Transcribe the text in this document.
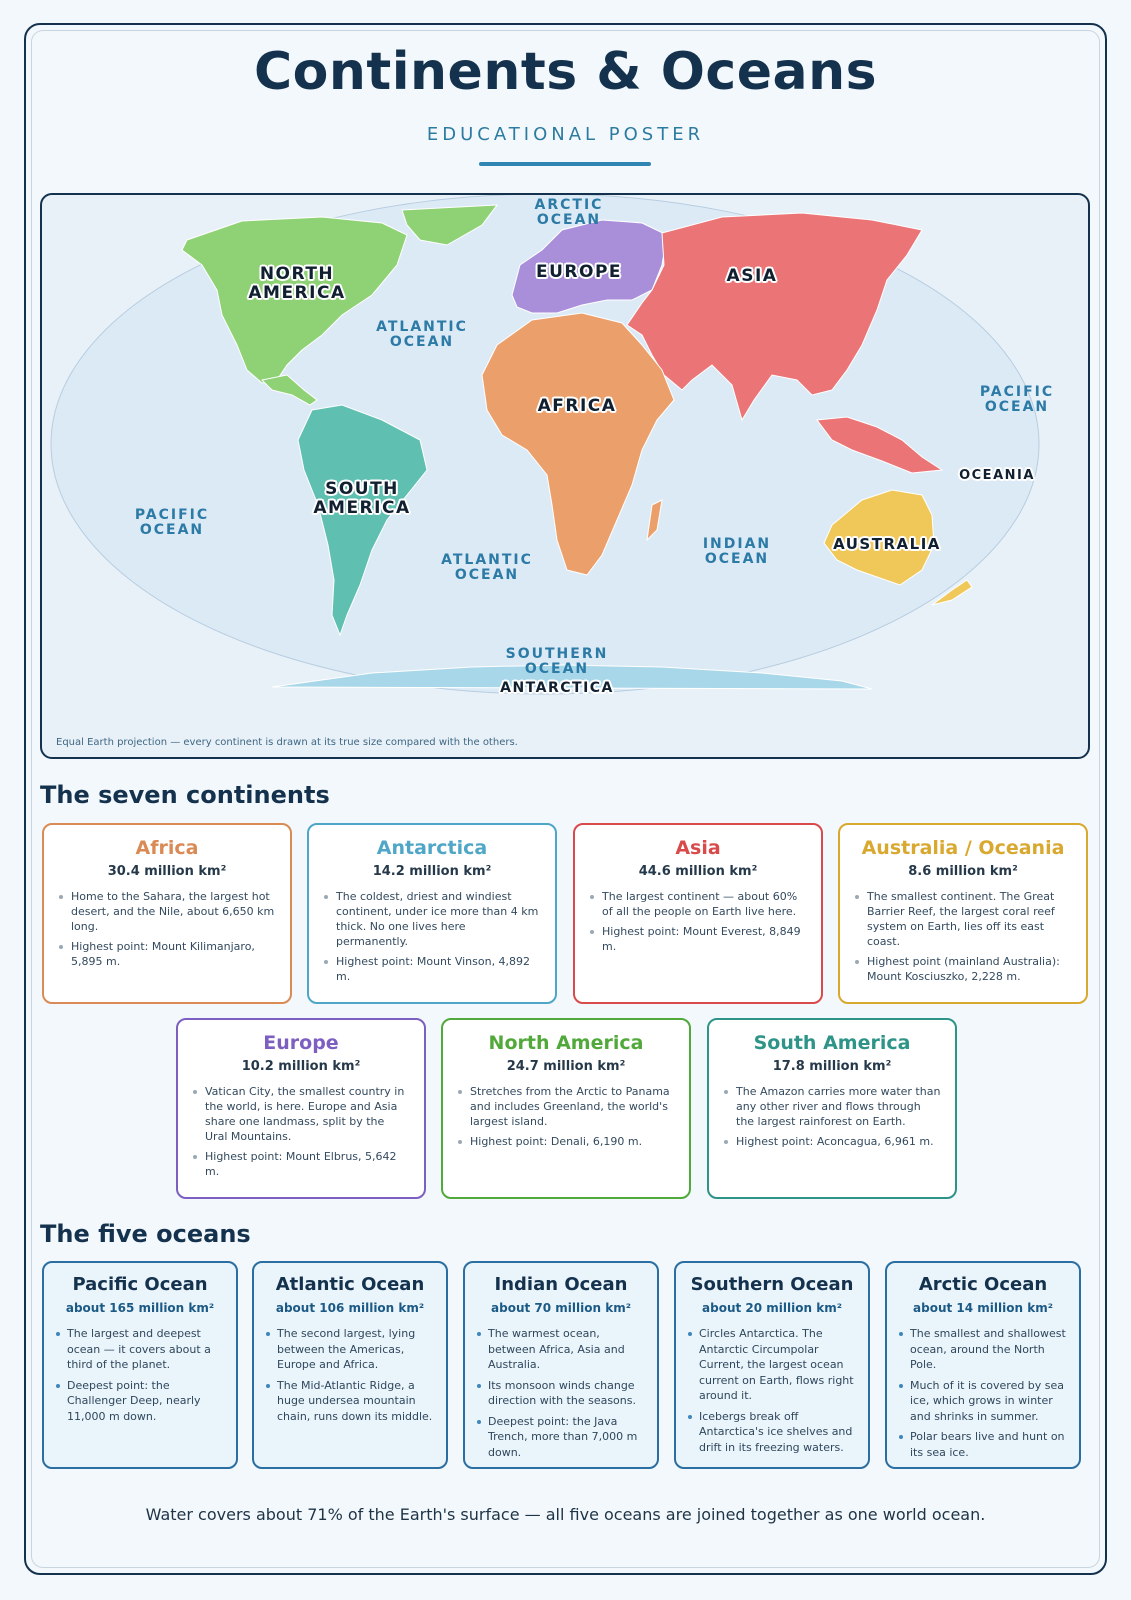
Continents & Oceans
EDUCATIONAL POSTER
ARCTIC OCEAN
NORTH AMERICA
ATLANTIC OCEAN
EUROPE	ASIA
PACIFIC OCEAN
AFRICA
OCEANIA
SOUTH AMERICA
PACIFIC OCEAN
INDIAN OCEAN
AUSTRALIA
ATLANTIC OCEAN
SOUTHERN OCEAN
ANTARCTICA
Equal Earth projection — every continent is drawn at its true size compared with the others.
The seven continents
Africa
30.4 million km²
Home to the Sahara, the largest hot desert, and the Nile, about 6,650 km long.
Highest point: Mount Kilimanjaro, 5,895 m.
Antarctica
14.2 million km²
The coldest, driest and windiest continent, under ice more than 4 km thick. No one lives here permanently.
Highest point: Mount Vinson, 4,892 m.
Asia
44.6 million km²
The largest continent — about 60% of all the people on Earth live here.
Highest point: Mount Everest, 8,849 m.
Australia / Oceania
8.6 million km²
The smallest continent. The Great Barrier Reef, the largest coral reef system on Earth, lies off its east coast.
Highest point (mainland Australia): Mount Kosciuszko, 2,228 m.
Europe
10.2 million km²
Vatican City, the smallest country in the world, is here. Europe and Asia share one landmass, split by the Ural Mountains.
Highest point: Mount Elbrus, 5,642 m.
North America
24.7 million km²
Stretches from the Arctic to Panama and includes Greenland, the world's largest island.
Highest point: Denali, 6,190 m.
South America
17.8 million km²
The Amazon carries more water than any other river and flows through the largest rainforest on Earth.
Highest point: Aconcagua, 6,961 m.
The five oceans
Pacific Ocean
about 165 million km²
The largest and deepest ocean — it covers about a third of the planet.
Deepest point: the Challenger Deep, nearly 11,000 m down.
Atlantic Ocean
about 106 million km²
The second largest, lying between the Americas, Europe and Africa.
The Mid-Atlantic Ridge, a huge undersea mountain chain, runs down its middle.
Indian Ocean
about 70 million km²
The warmest ocean, between Africa, Asia and Australia.
Its monsoon winds change direction with the seasons.
Deepest point: the Java Trench, more than 7,000 m down.
Southern Ocean
about 20 million km²
Circles Antarctica. The Antarctic Circumpolar Current, the largest ocean current on Earth, flows right around it.
Icebergs break off Antarctica's ice shelves and drift in its freezing waters.
Arctic Ocean
about 14 million km²
The smallest and shallowest ocean, around the North Pole.
Much of it is covered by sea ice, which grows in winter and shrinks in summer.
Polar bears live and hunt on its sea ice.
Water covers about 71% of the Earth's surface — all five oceans are joined together as one world ocean.
